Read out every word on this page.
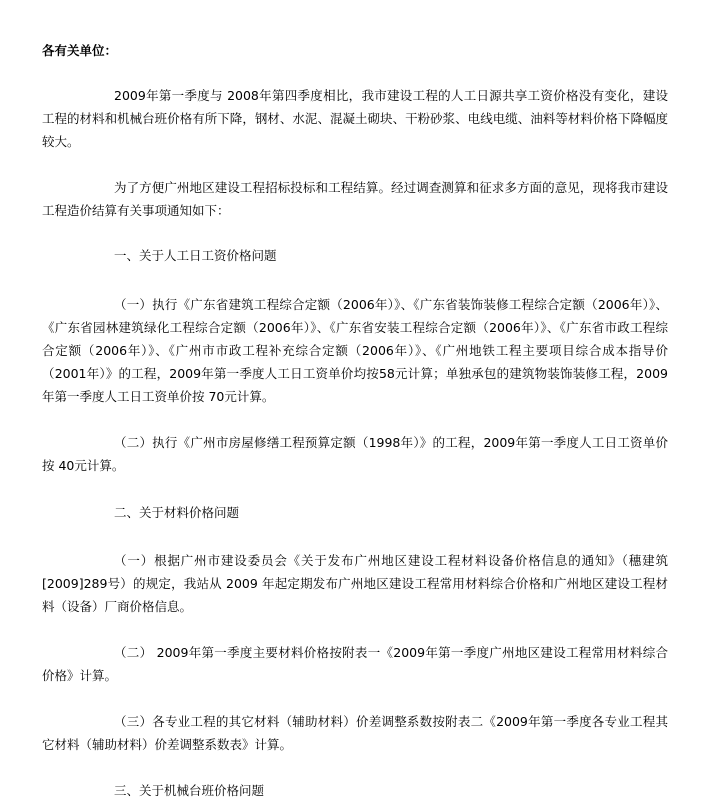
各有关单位：

2009年第一季度与 2008年第四季度相比，我市建设工程的人工日源共享工资价格没有变化，建设工程的材料和机械台班价格有所下降，钢材、水泥、混凝土砌块、干粉砂浆、电线电缆、油料等材料价格下降幅度较大。

为了方便广州地区建设工程招标投标和工程结算。经过调查测算和征求多方面的意见，现将我市建设工程造价结算有关事项通知如下：

一、关于人工日工资价格问题

（一）执行《广东省建筑工程综合定额（2006年）》、《广东省装饰装修工程综合定额（2006年）》、《广东省园林建筑绿化工程综合定额（2006年）》、《广东省安装工程综合定额（2006年）》、《广东省市政工程综合定额（2006年）》、《广州市市政工程补充综合定额（2006年）》、《广州地铁工程主要项目综合成本指导价（2001年）》的工程，2009年第一季度人工日工资单价均按58元计算；单独承包的建筑物装饰装修工程，2009年第一季度人工日工资单价按 70元计算。

（二）执行《广州市房屋修缮工程预算定额（1998年）》的工程，2009年第一季度人工日工资单价按 40元计算。

二、关于材料价格问题

（一）根据广州市建设委员会《关于发布广州地区建设工程材料设备价格信息的通知》（穗建筑[2009]289号）的规定，我站从 2009 年起定期发布广州地区建设工程常用材料综合价格和广州地区建设工程材料（设备）厂商价格信息。

（二） 2009年第一季度主要材料价格按附表一《2009年第一季度广州地区建设工程常用材料综合价格》计算。

（三）各专业工程的其它材料（辅助材料）价差调整系数按附表二《2009年第一季度各专业工程其它材料（辅助材料）价差调整系数表》计算。

三、关于机械台班价格问题
